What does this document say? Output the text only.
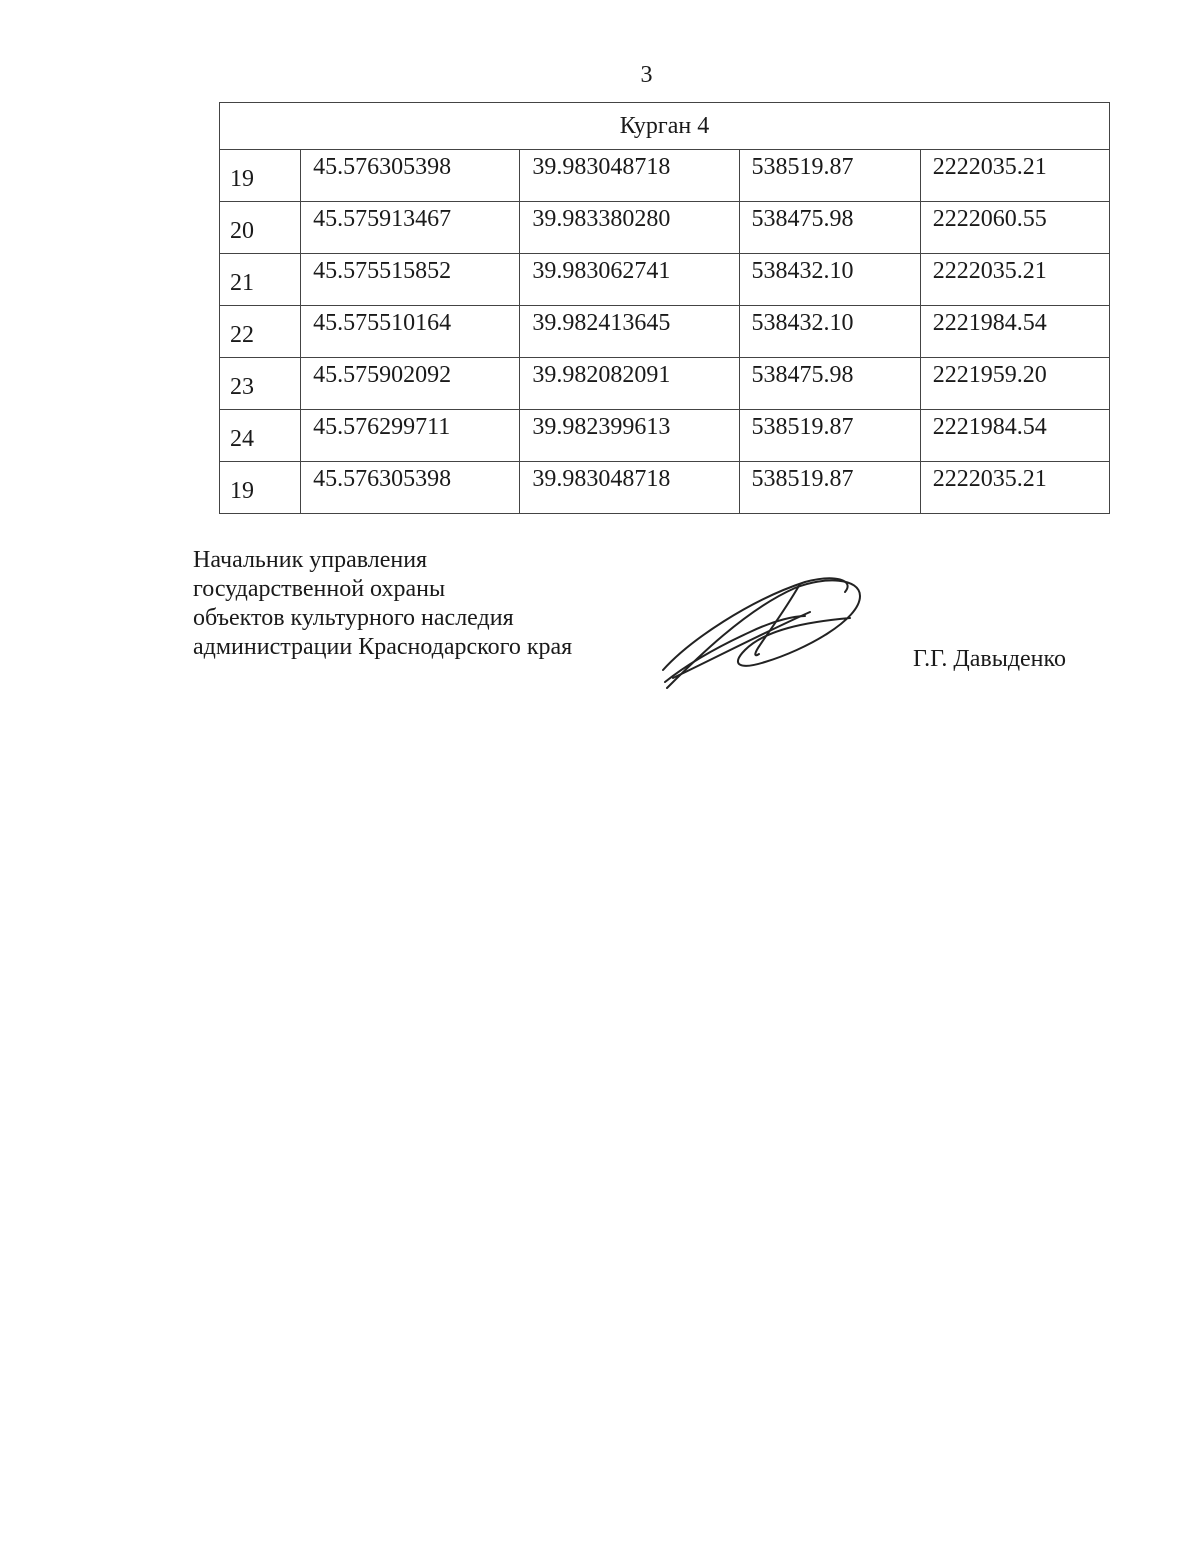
3
Курган 4				
19	45.576305398	39.983048718	538519.87	2222035.21
20	45.575913467	39.983380280	538475.98	2222060.55
21	45.575515852	39.983062741	538432.10	2222035.21
22	45.575510164	39.982413645	538432.10	2221984.54
23	45.575902092	39.982082091	538475.98	2221959.20
24	45.576299711	39.982399613	538519.87	2221984.54
19	45.576305398	39.983048718	538519.87	2222035.21
Начальник управления
государственной охраны
объектов культурного наследия
администрации Краснодарского края	Г.Г. Давыденко
